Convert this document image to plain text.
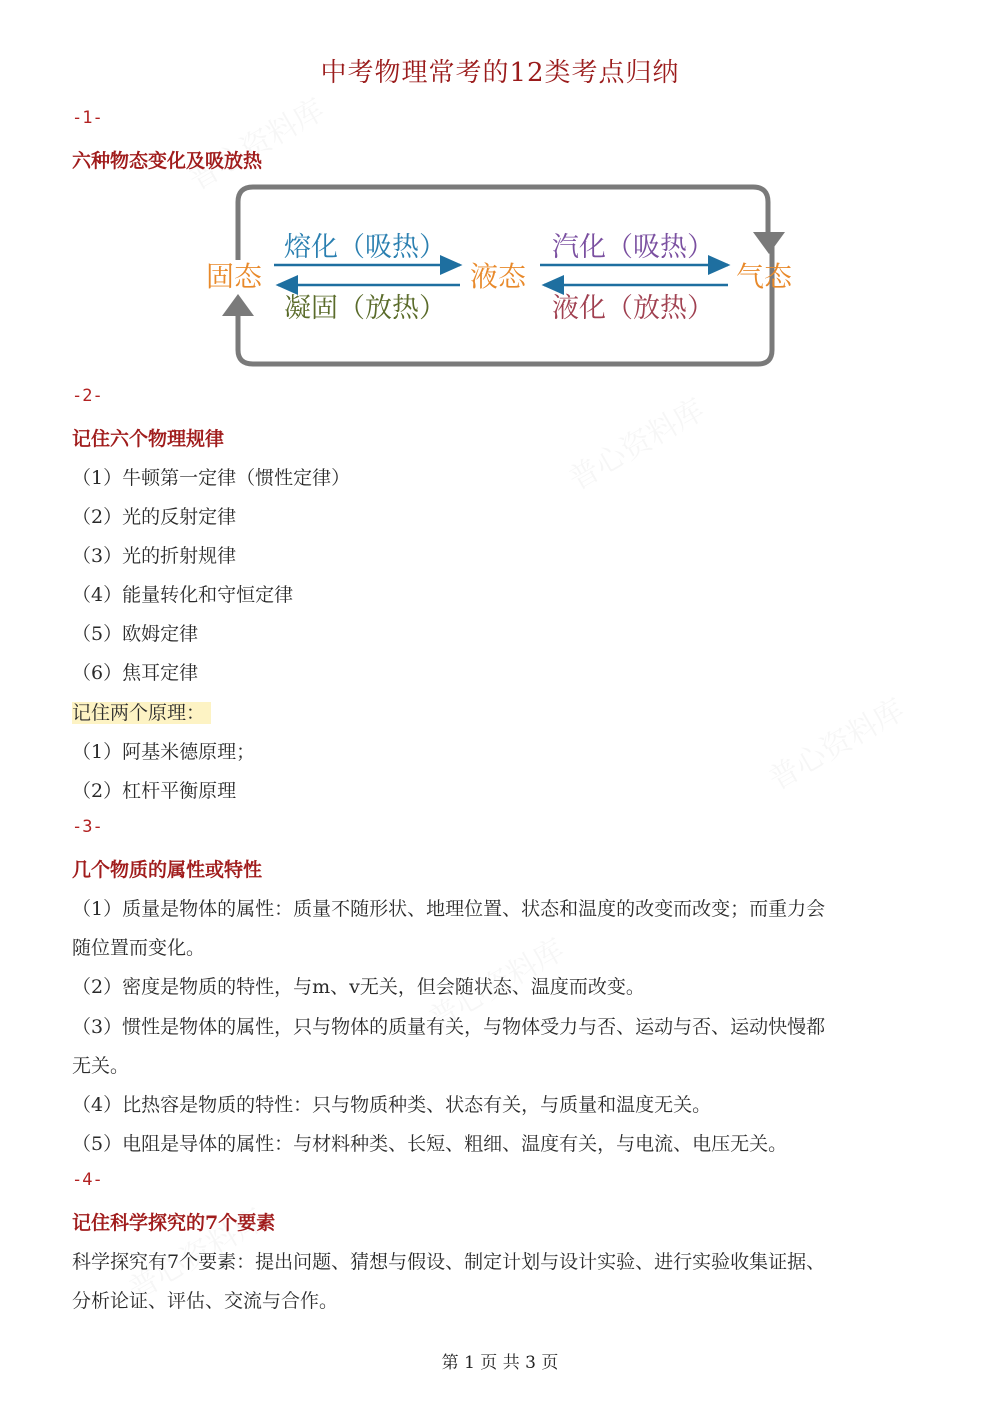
中考物理常考的12类考点归纳
-1-
六种物态变化及吸放热
固态	液态	气态
熔化（吸热）
凝固（放热）
汽化（吸热）
液化（放热）
-2-
记住六个物理规律
（1）牛顿第一定律（惯性定律）
（2）光的反射定律
（3）光的折射规律
（4）能量转化和守恒定律
（5）欧姆定律
（6）焦耳定律
记住两个原理：
（1）阿基米德原理；
（2）杠杆平衡原理
-3-
几个物质的属性或特性
（1）质量是物体的属性：质量不随形状、地理位置、状态和温度的改变而改变；而重力会
随位置而变化。
（2）密度是物质的特性，与m、v无关，但会随状态、温度而改变。
（3）惯性是物体的属性，只与物体的质量有关，与物体受力与否、运动与否、运动快慢都
无关。
（4）比热容是物质的特性：只与物质种类、状态有关，与质量和温度无关。
（5）电阻是导体的属性：与材料种类、长短、粗细、温度有关，与电流、电压无关。
-4-
记住科学探究的7个要素
科学探究有7个要素：提出问题、猜想与假设、制定计划与设计实验、进行实验收集证据、
分析论证、评估、交流与合作。
第 1 页 共 3 页
